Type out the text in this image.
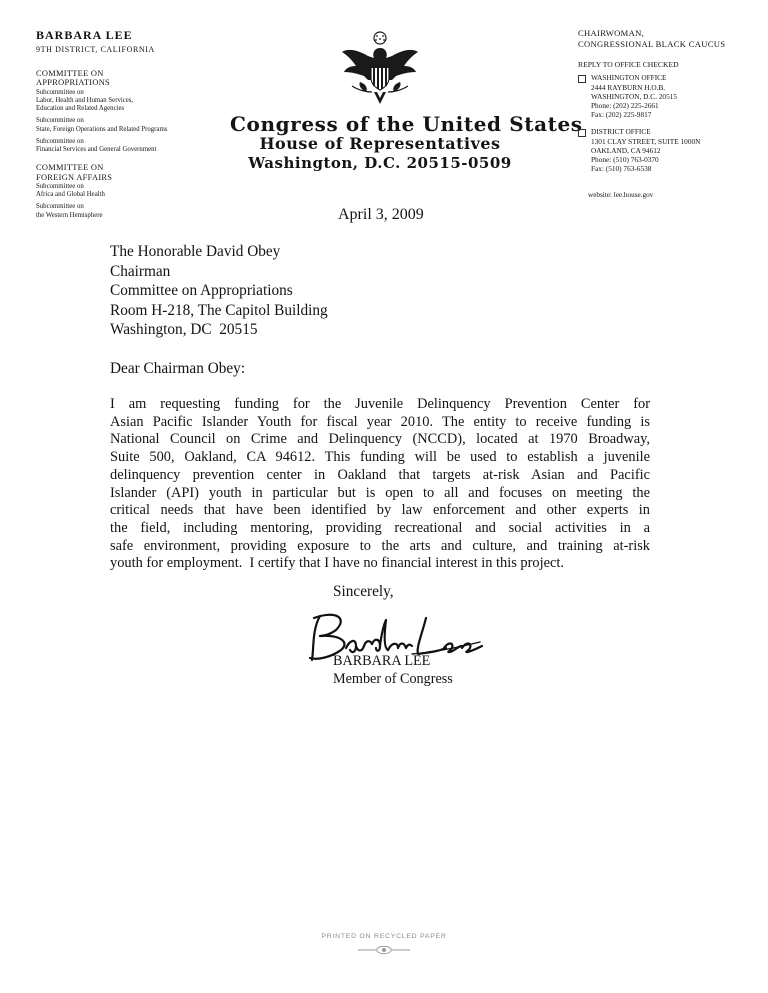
BARBARA LEE
9TH DISTRICT, CALIFORNIA
COMMITTEE ON
APPROPRIATIONS
Subcommittee on
Labor, Health and Human Services,
Education and Related Agencies
Subcommittee on
State, Foreign Operations and Related Programs
Subcommittee on
Financial Services and General Government
COMMITTEE ON
FOREIGN AFFAIRS
Subcommittee on
Africa and Global Health
Subcommittee on
the Western Hemisphere
Congress of the United States
House of Representatives
Washington, D.C. 20515-0509
CHAIRWOMAN,
CONGRESSIONAL BLACK CAUCUS
REPLY TO OFFICE CHECKED
WASHINGTON OFFICE
2444 RAYBURN H.O.B.
WASHINGTON, D.C. 20515
Phone: (202) 225-2661
Fax: (202) 225-9817
DISTRICT OFFICE
1301 CLAY STREET, SUITE 1000N
OAKLAND, CA 94612
Phone: (510) 763-0370
Fax: (510) 763-6538
website: lee.house.gov
April 3, 2009
The Honorable David Obey
Chairman
Committee on Appropriations
Room H-218, The Capitol Building
Washington, DC  20515
Dear Chairman Obey:
I am requesting funding for the Juvenile Delinquency Prevention Center for
Asian Pacific Islander Youth for fiscal year 2010. The entity to receive funding is
National Council on Crime and Delinquency (NCCD), located at 1970 Broadway,
Suite 500, Oakland, CA 94612. This funding will be used to establish a juvenile
delinquency prevention center in Oakland that targets at-risk Asian and Pacific
Islander (API) youth in particular but is open to all and focuses on meeting the
critical needs that have been identified by law enforcement and other experts in
the field, including mentoring, providing recreational and social activities in a
safe environment, providing exposure to the arts and culture, and training at-risk
youth for employment.  I certify that I have no financial interest in this project.
Sincerely,
BARBARA LEE
Member of Congress
PRINTED ON RECYCLED PAPER
